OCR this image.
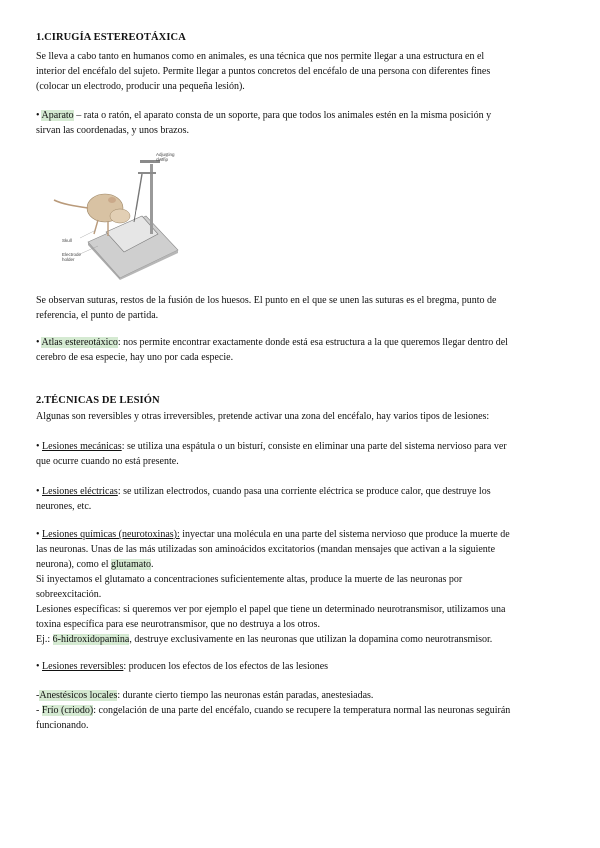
1.CIRUGÍA ESTEREOTÁXICA
Se lleva a cabo tanto en humanos como en animales, es una técnica que nos permite llegar a una estructura en el
interior del encéfalo del sujeto. Permite llegar a puntos concretos del encéfalo de una persona con diferentes fines
(colocar un electrodo, producir una pequeña lesión).
• Aparato – rata o ratón, el aparato consta de un soporte, para que todos los animales estén en la misma posición y
sirvan las coordenadas, y unos brazos.
Adjusting
clamp
Skull
Electrode
holder
Se observan suturas, restos de la fusión de los huesos. El punto en el que se unen las suturas es el bregma, punto de
referencia, el punto de partida.
• Atlas estereotáxico: nos permite encontrar exactamente donde está esa estructura a la que queremos llegar dentro del
cerebro de esa especie, hay uno por cada especie.
2.TÉCNICAS DE LESIÓN
Algunas son reversibles y otras irreversibles, pretende activar una zona del encéfalo, hay varios tipos de lesiones:
• Lesiones mecánicas: se utiliza una espátula o un bisturí, consiste en eliminar una parte del sistema nervioso para ver
que ocurre cuando no está presente.
• Lesiones eléctricas: se utilizan electrodos, cuando pasa una corriente eléctrica se produce calor, que destruye los
neurones, etc.
• Lesiones químicas (neurotoxinas): inyectar una molécula en una parte del sistema nervioso que produce la muerte de
las neuronas. Unas de las más utilizadas son aminoácidos excitatorios (mandan mensajes que activan a la siguiente
neurona), como el glutamato.
Si inyectamos el glutamato a concentraciones suficientemente altas, produce la muerte de las neuronas por
sobreexcitación.
Lesiones específicas: si queremos ver por ejemplo el papel que tiene un determinado neurotransmisor, utilizamos una
toxina específica para ese neurotransmisor, que no destruya a los otros.
Ej.: 6-hidroxidopamina, destruye exclusivamente en las neuronas que utilizan la dopamina como neurotransmisor.
• Lesiones reversibles: producen los efectos de los efectos de las lesiones
-Anestésicos locales: durante cierto tiempo las neuronas están paradas, anestesiadas.
- Frío (criodo): congelación de una parte del encéfalo, cuando se recupere la temperatura normal las neuronas seguirán
funcionando.
